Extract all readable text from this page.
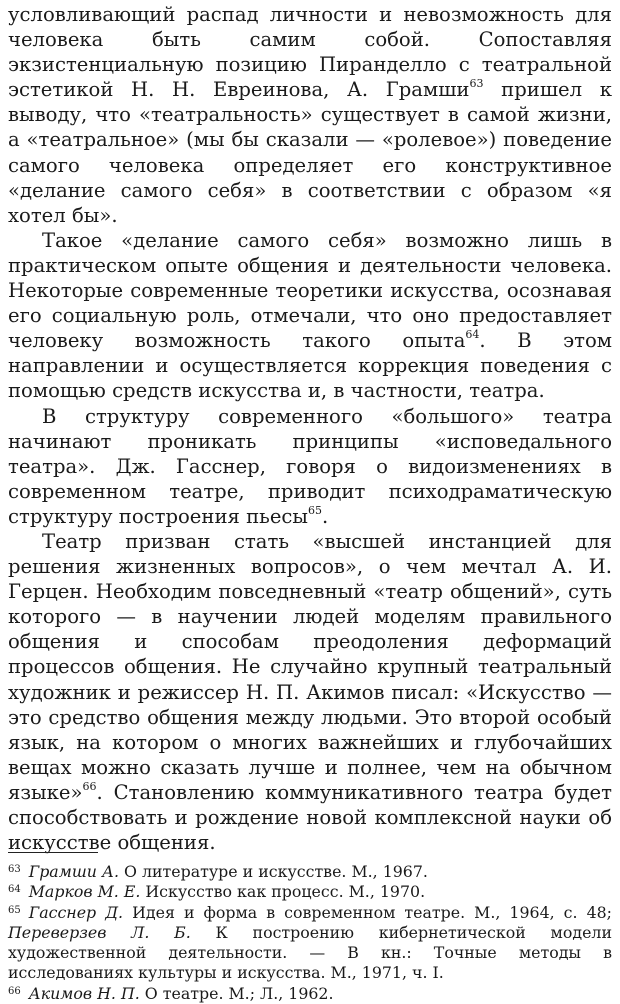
условливающий распад личности и невозможность для человека быть самим собой. Сопоставляя экзистенциальную позицию Пиранделло с театральной эстетикой Н. Н. Евреинова, А. Грамши$^{63}$ пришел к выводу, что «театральность» существует в самой жизни, а «театральное» (мы бы сказали — «ролевое») поведение самого человека определяет его конструктивное «делание самого себя» в соответствии с образом «я хотел бы».

Такое «делание самого себя» возможно лишь в практическом опыте общения и деятельности человека. Некоторые современные теоретики искусства, осознавая его социальную роль, отмечали, что оно предоставляет человеку возможность такого опыта$^{64}$. В этом направлении и осуществляется коррекция поведения с помощью средств искусства и, в частности, театра.

В структуру современного «большого» театра начинают проникать принципы «исповедального театра». Дж. Гасснер, говоря о видоизменениях в современном театре, приводит психодраматическую структуру построения пьесы$^{65}$.

Театр призван стать «высшей инстанцией для решения жизненных вопросов», о чем мечтал А. И. Герцен. Необходим повседневный «театр общений», суть которого — в научении людей моделям правильного общения и способам преодоления деформаций процессов общения. Не случайно крупный театральный художник и режиссер Н. П. Акимов писал: «Искусство — это средство общения между людьми. Это второй особый язык, на котором о многих важнейших и глубочайших вещах можно сказать лучше и полнее, чем на обычном языке»$^{66}$. Становлению коммуникативного театра будет способствовать и рождение новой комплексной науки об искусстве общения.

$^{63}$ Грамши А. О литературе и искусстве. М., 1967.

$^{64}$ Марков М. Е. Искусство как процесс. М., 1970.

$^{65}$ Гасснер Д. Идея и форма в современном театре. М., 1964, с. 48; Переверзев Л. Б. К построению кибернетической модели художественной деятельности. — В кн.: Точные методы в исследованиях культуры и искусства. М., 1971, ч. I.

$^{66}$ Акимов Н. П. О театре. М.; Л., 1962.
